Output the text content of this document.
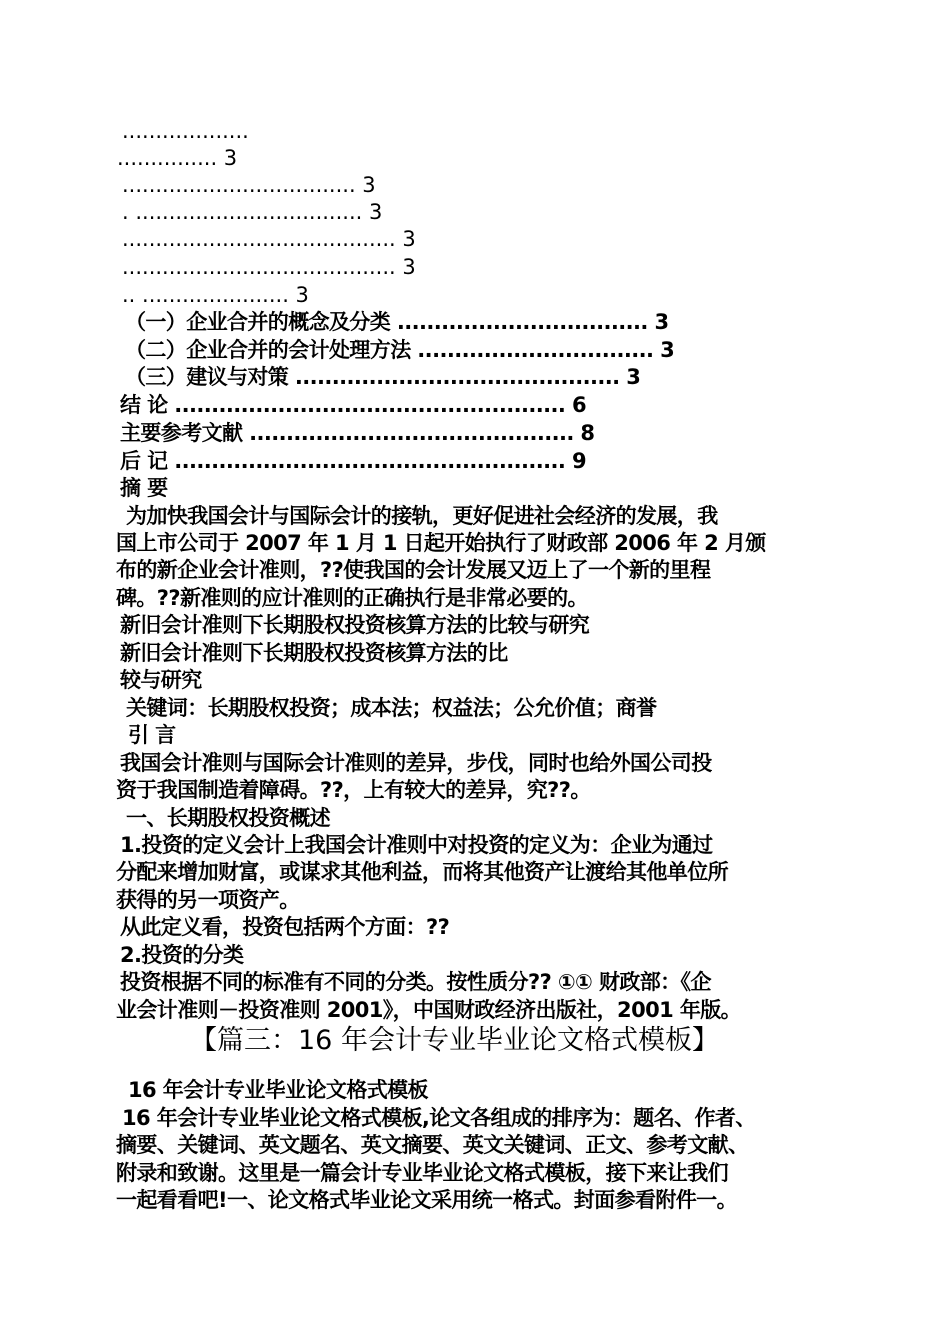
...................
............... 3
................................... 3
. .................................. 3
......................................... 3
......................................... 3
.. ...................... 3
（一）企业合并的概念及分类 .................................. 3
（二）企业合并的会计处理方法 ................................ 3
（三）建议与对策 ............................................ 3
结 论 ..................................................... 6
主要参考文献 ............................................ 8
后 记 ..................................................... 9
摘 要
为加快我国会计与国际会计的接轨，更好促进社会经济的发展，我
国上市公司于 2007 年 1 月 1 日起开始执行了财政部 2006 年 2 月颁
布的新企业会计准则，??使我国的会计发展又迈上了一个新的里程
碑。??新准则的应计准则的正确执行是非常必要的。
新旧会计准则下长期股权投资核算方法的比较与研究
新旧会计准则下长期股权投资核算方法的比
较与研究
关键词：长期股权投资；成本法；权益法；公允价值；商誉
引 言
我国会计准则与国际会计准则的差异，步伐，同时也给外国公司投
资于我国制造着障碍。??，上有较大的差异，究??。
一、长期股权投资概述
1.投资的定义会计上我国会计准则中对投资的定义为：企业为通过
分配来增加财富，或谋求其他利益，而将其他资产让渡给其他单位所
获得的另一项资产。
从此定义看，投资包括两个方面：??
2.投资的分类
投资根据不同的标准有不同的分类。按性质分?? ①① 财政部：《企
业会计准则－投资准则 2001》，中国财政经济出版社，2001 年版。
【篇三：16 年会计专业毕业论文格式模板】
16 年会计专业毕业论文格式模板
16 年会计专业毕业论文格式模板,论文各组成的排序为：题名、作者、
摘要、关键词、英文题名、英文摘要、英文关键词、正文、参考文献、
附录和致谢。这里是一篇会计专业毕业论文格式模板，接下来让我们
一起看看吧!一、论文格式毕业论文采用统一格式。封面参看附件一。
